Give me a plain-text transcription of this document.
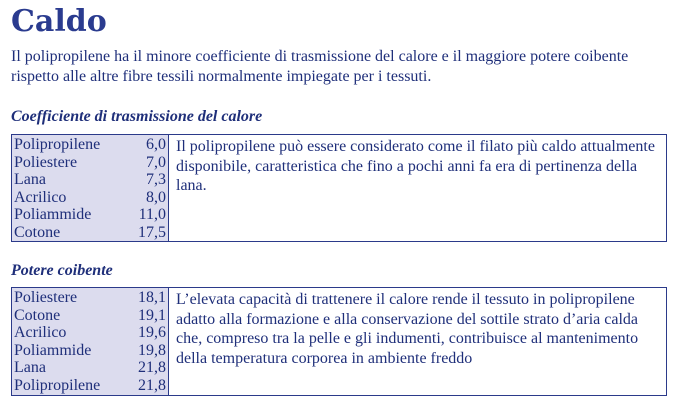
Caldo

Il polipropilene ha il minore coefficiente di trasmissione del calore e il maggiore potere coibente rispetto alle altre fibre tessili normalmente impiegate per i tessuti.

Coefficiente di trasmissione del calore
Polipropilene	6,0
Poliestere	7,0
Lana	7,3
Acrilico	8,0
Poliammide	11,0
Cotone	17,5
Il polipropilene può essere considerato come il filato più caldo attualmente disponibile, caratteristica che fino a pochi anni fa era di pertinenza della lana.
Potere coibente
Poliestere	18,1
Cotone	19,1
Acrilico	19,6
Poliammide	19,8
Lana	21,8
Polipropilene 21,8
L’elevata capacità di trattenere il calore rende il tessuto in polipropilene adatto alla formazione e alla conservazione del sottile strato d’aria calda che, compreso tra la pelle e gli indumenti, contribuisce al mantenimento della temperatura corporea in ambiente freddo
